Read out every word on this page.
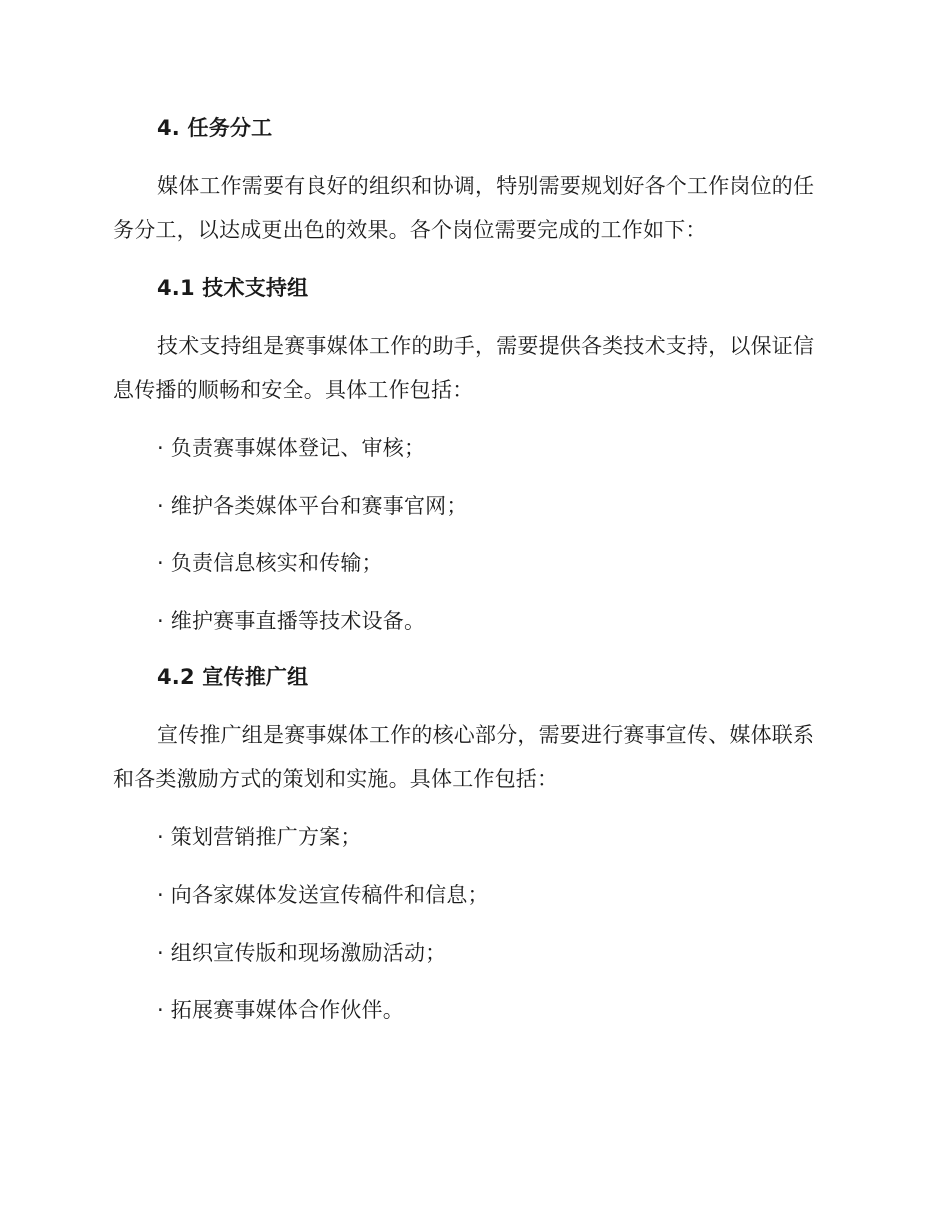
4. 任务分工
媒体工作需要有良好的组织和协调，特别需要规划好各个工作岗位的任
务分工，以达成更出色的效果。各个岗位需要完成的工作如下：
4.1 技术支持组
技术支持组是赛事媒体工作的助手，需要提供各类技术支持，以保证信
息传播的顺畅和安全。具体工作包括：
· 负责赛事媒体登记、审核；
· 维护各类媒体平台和赛事官网；
· 负责信息核实和传输；
· 维护赛事直播等技术设备。
4.2 宣传推广组
宣传推广组是赛事媒体工作的核心部分，需要进行赛事宣传、媒体联系
和各类激励方式的策划和实施。具体工作包括：
· 策划营销推广方案；
· 向各家媒体发送宣传稿件和信息；
· 组织宣传版和现场激励活动；
· 拓展赛事媒体合作伙伴。
